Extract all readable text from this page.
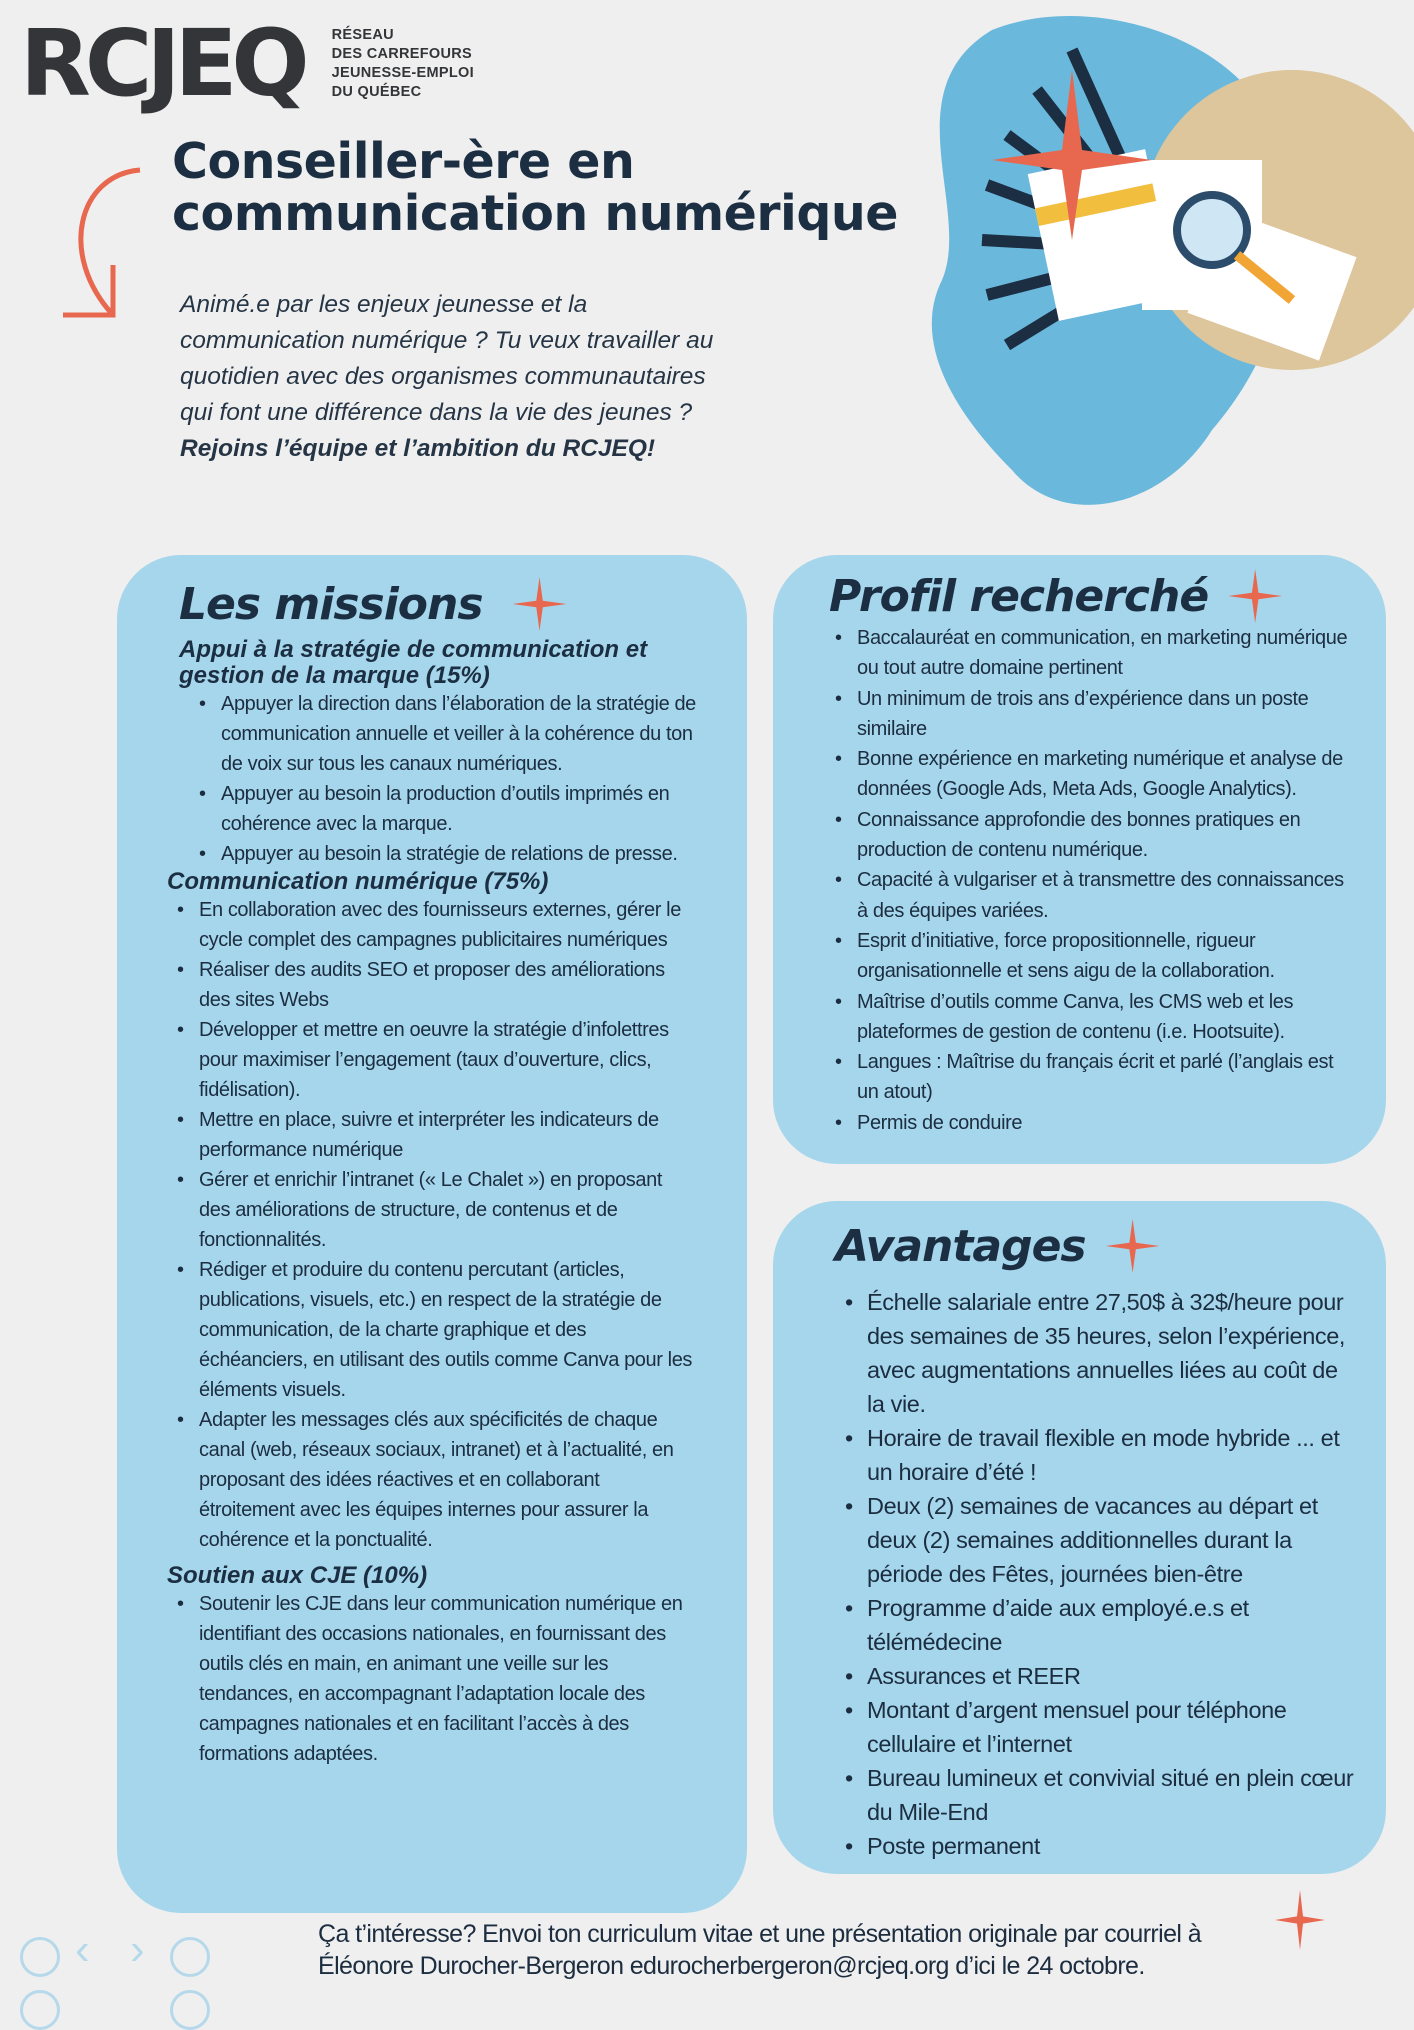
RCJEQ RÉSEAU
DES CARREFOURS
JEUNESSE-EMPLOI
DU QUÉBEC
Conseiller-ère en
communication numérique
Animé.e par les enjeux jeunesse et la communication numérique ? Tu veux travailler au quotidien avec des organismes communautaires qui font une différence dans la vie des jeunes ?
Rejoins l’équipe et l’ambition du RCJEQ!
Les missions
Appui à la stratégie de communication et gestion de la marque (15%)
• Appuyer la direction dans l’élaboration de la stratégie de communication annuelle et veiller à la cohérence du ton de voix sur tous les canaux numériques.
• Appuyer au besoin la production d’outils imprimés en cohérence avec la marque.
• Appuyer au besoin la stratégie de relations de presse.
Communication numérique (75%)
• En collaboration avec des fournisseurs externes, gérer le cycle complet des campagnes publicitaires numériques
• Réaliser des audits SEO et proposer des améliorations des sites Webs
• Développer et mettre en oeuvre la stratégie d’infolettres pour maximiser l’engagement (taux d’ouverture, clics, fidélisation).
• Mettre en place, suivre et interpréter les indicateurs de performance numérique
• Gérer et enrichir l’intranet (« Le Chalet ») en proposant des améliorations de structure, de contenus et de fonctionnalités.
• Rédiger et produire du contenu percutant (articles, publications, visuels, etc.) en respect de la stratégie de communication, de la charte graphique et des échéanciers, en utilisant des outils comme Canva pour les éléments visuels.
• Adapter les messages clés aux spécificités de chaque canal (web, réseaux sociaux, intranet) et à l’actualité, en proposant des idées réactives et en collaborant étroitement avec les équipes internes pour assurer la cohérence et la ponctualité.
Soutien aux CJE (10%)
• Soutenir les CJE dans leur communication numérique en identifiant des occasions nationales, en fournissant des outils clés en main, en animant une veille sur les tendances, en accompagnant l’adaptation locale des campagnes nationales et en facilitant l’accès à des formations adaptées.
Profil recherché
• Baccalauréat en communication, en marketing numérique ou tout autre domaine pertinent
• Un minimum de trois ans d’expérience dans un poste similaire
• Bonne expérience en marketing numérique et analyse de données (Google Ads, Meta Ads, Google Analytics).
• Connaissance approfondie des bonnes pratiques en production de contenu numérique.
• Capacité à vulgariser et à transmettre des connaissances à des équipes variées.
• Esprit d’initiative, force propositionnelle, rigueur organisationnelle et sens aigu de la collaboration.
• Maîtrise d’outils comme Canva, les CMS web et les plateformes de gestion de contenu (i.e. Hootsuite).
• Langues : Maîtrise du français écrit et parlé (l’anglais est un atout)
• Permis de conduire
Avantages
• Échelle salariale entre 27,50$ à 32$/heure pour des semaines de 35 heures, selon l’expérience, avec augmentations annuelles liées au coût de la vie.
• Horaire de travail flexible en mode hybride ... et un horaire d’été !
• Deux (2) semaines de vacances au départ et deux (2) semaines additionnelles durant la période des Fêtes, journées bien-être
• Programme d’aide aux employé.e.s et télémédecine
• Assurances et REER
• Montant d’argent mensuel pour téléphone cellulaire et l’internet
• Bureau lumineux et convivial situé en plein cœur du Mile-End
• Poste permanent
Ça t’intéresse? Envoi ton curriculum vitae et une présentation originale par courriel à
Éléonore Durocher-Bergeron edurocherbergeron@rcjeq.org d’ici le 24 octobre.
‹ ›
